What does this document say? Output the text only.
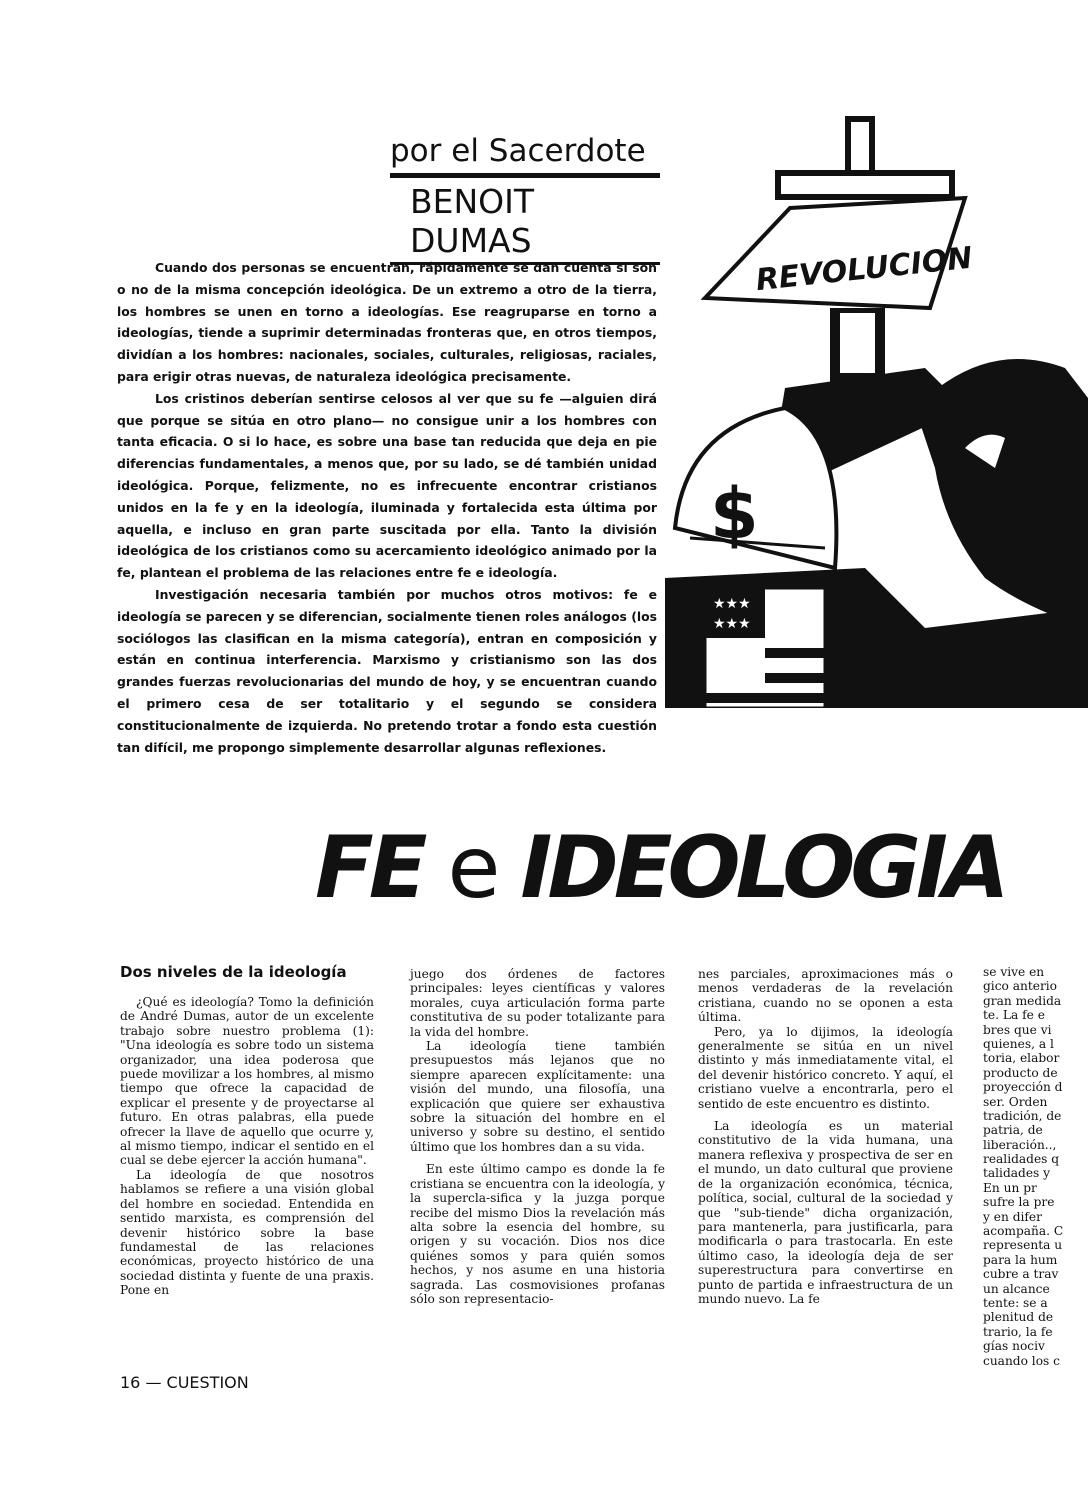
por el Sacerdote
BENOIT DUMAS

Cuando dos personas se encuentran, rápidamente se dan cuenta si son o no de la misma concepción ideológica. De un extremo a otro de la tierra, los hombres se unen en torno a ideologías. Ese reagruparse en torno a ideologías, tiende a suprimir determinadas fronteras que, en otros tiempos, dividían a los hombres: nacionales, sociales, culturales, religiosas, raciales, para erigir otras nuevas, de naturaleza ideológica precisamente.

Los cristinos deberían sentirse celosos al ver que su fe —alguien dirá que porque se sitúa en otro plano— no consigue unir a los hombres con tanta eficacia. O si lo hace, es sobre una base tan reducida que deja en pie diferencias fundamentales, a menos que, por su lado, se dé también unidad ideológica. Porque, felizmente, no es infrecuente encontrar cristianos unidos en la fe y en la ideología, iluminada y fortalecida esta última por aquella, e incluso en gran parte suscitada por ella. Tanto la división ideológica de los cristianos como su acercamiento ideológico animado por la fe, plantean el problema de las relaciones entre fe e ideología.

Investigación necesaria también por muchos otros motivos: fe e ideología se parecen y se diferencian, socialmente tienen roles análogos (los sociólogos las clasifican en la misma categoría), entran en composición y están en continua interferencia. Marxismo y cristianismo son las dos grandes fuerzas revolucionarias del mundo de hoy, y se encuentran cuando el primero cesa de ser totalitario y el segundo se considera constitucionalmente de izquierda. No pretendo trotar a fondo esta cuestión tan difícil, me propongo simplemente desarrollar algunas reflexiones.

REVOLUCION
$
★★★
★★★
FE e IDEOLOGIA
Dos niveles de la ideología

¿Qué es ideología? Tomo la definición de André Dumas, autor de un excelente trabajo sobre nuestro problema (1): "Una ideología es sobre todo un sistema organizador, una idea poderosa que puede movilizar a los hombres, al mismo tiempo que ofrece la capacidad de explicar el presente y de proyectarse al futuro. En otras palabras, ella puede ofrecer la llave de aquello que ocurre y, al mismo tiempo, indicar el sentido en el cual se debe ejercer la acción humana".

La ideología de que nosotros hablamos se refiere a una visión global del hombre en sociedad. Entendida en sentido marxista, es comprensión del devenir histórico sobre la base fundamestal de las relaciones económicas, proyecto histórico de una sociedad distinta y fuente de una praxis. Pone en

juego dos órdenes de factores principales: leyes científicas y valores morales, cuya articulación forma parte constitutiva de su poder totalizante para la vida del hombre.

La ideología tiene también presupuestos más lejanos que no siempre aparecen explícitamente: una visión del mundo, una filosofía, una explicación que quiere ser exhaustiva sobre la situación del hombre en el universo y sobre su destino, el sentido último que los hombres dan a su vida.

En este último campo es donde la fe cristiana se encuentra con la ideología, y la supercla-sifica y la juzga porque recibe del mismo Dios la revelación más alta sobre la esencia del hombre, su origen y su vocación. Dios nos dice quiénes somos y para quién somos hechos, y nos asume en una historia sagrada. Las cosmovisiones profanas sólo son representacio-

nes parciales, aproximaciones más o menos verdaderas de la revelación cristiana, cuando no se oponen a esta última.

Pero, ya lo dijimos, la ideología generalmente se sitúa en un nivel distinto y más inmediatamente vital, el del devenir histórico concreto. Y aquí, el cristiano vuelve a encontrarla, pero el sentido de este encuentro es distinto.

La ideología es un material constitutivo de la vida humana, una manera reflexiva y prospectiva de ser en el mundo, un dato cultural que proviene de la organización económica, técnica, política, social, cultural de la sociedad y que "sub-tiende" dicha organización, para mantenerla, para justificarla, para modificarla o para trastocarla. En este último caso, la ideología deja de ser superestructura para convertirse en punto de partida e infraestructura de un mundo nuevo. La fe

se vive en
gico anterio
gran medida
te. La fe e
bres que vi
quienes, a l
toria, elabor
producto de
proyección d
ser. Orden
tradición, de
patria, de
liberación..,
realidades q
talidades y
En un pr
sufre la pre
y en difer
acompaña. C
representa u
para la hum
cubre a trav
un alcance
tente: se a
plenitud de
trario, la fe
gías nociv
cuando los c
16 — CUESTION
